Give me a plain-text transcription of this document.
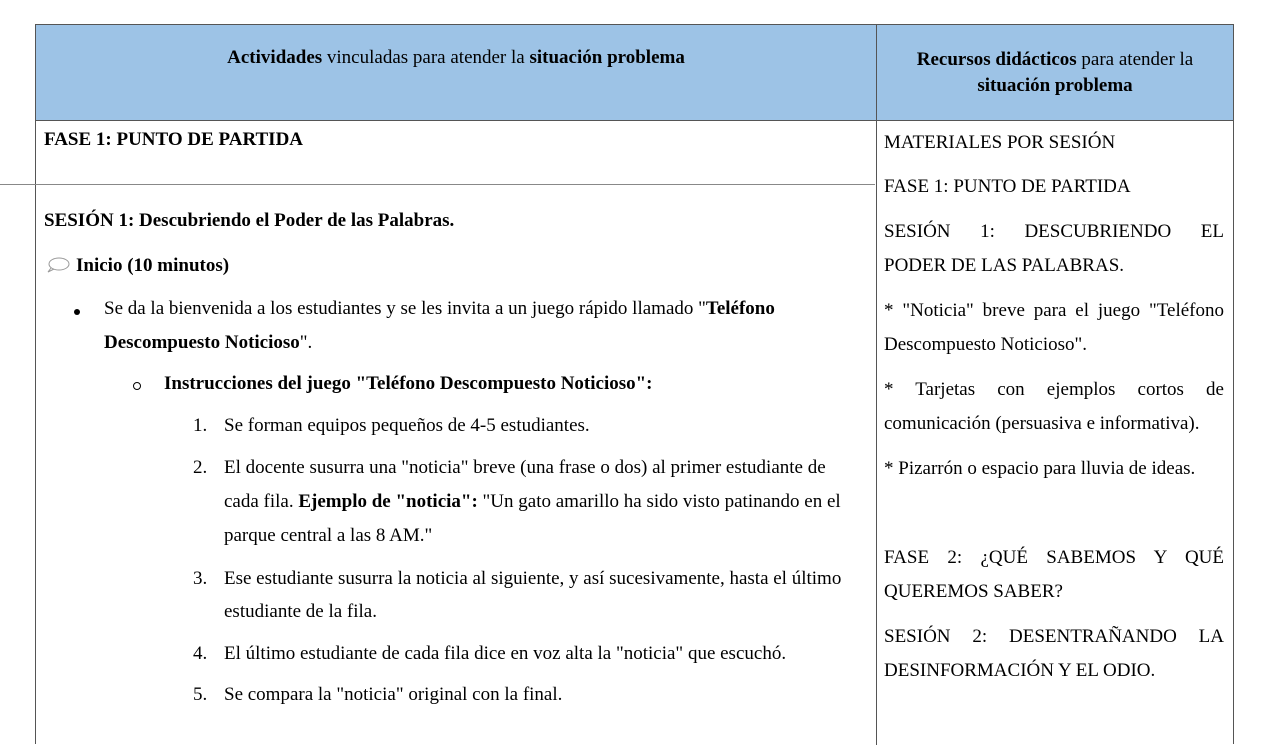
Actividades vinculadas para atender la situación problema	Recursos didácticos para atender la
situación problema
FASE 1: PUNTO DE PARTIDA
SESIÓN 1: Descubriendo el Poder de las Palabras.
Inicio (10 minutos)
Se da la bienvenida a los estudiantes y se les invita a un juego rápido llamado "Teléfono
Descompuesto Noticioso".
Instrucciones del juego "Teléfono Descompuesto Noticioso":
1. Se forman equipos pequeños de 4-5 estudiantes.
2. El docente susurra una "noticia" breve (una frase o dos) al primer estudiante de
cada fila. Ejemplo de "noticia": "Un gato amarillo ha sido visto patinando en el
parque central a las 8 AM."
3. Ese estudiante susurra la noticia al siguiente, y así sucesivamente, hasta el último
estudiante de la fila.
4. El último estudiante de cada fila dice en voz alta la "noticia" que escuchó.
5. Se compara la "noticia" original con la final.
MATERIALES POR SESIÓN
FASE 1: PUNTO DE PARTIDA
SESIÓN 1: DESCUBRIENDO EL
PODER DE LAS PALABRAS.
* "Noticia" breve para el juego "Teléfono
Descompuesto Noticioso".
* Tarjetas con ejemplos cortos de
comunicación (persuasiva e informativa).
* Pizarrón o espacio para lluvia de ideas.
FASE 2: ¿QUÉ SABEMOS Y QUÉ
QUEREMOS SABER?
SESIÓN 2: DESENTRAÑANDO LA
DESINFORMACIÓN Y EL ODIO.
